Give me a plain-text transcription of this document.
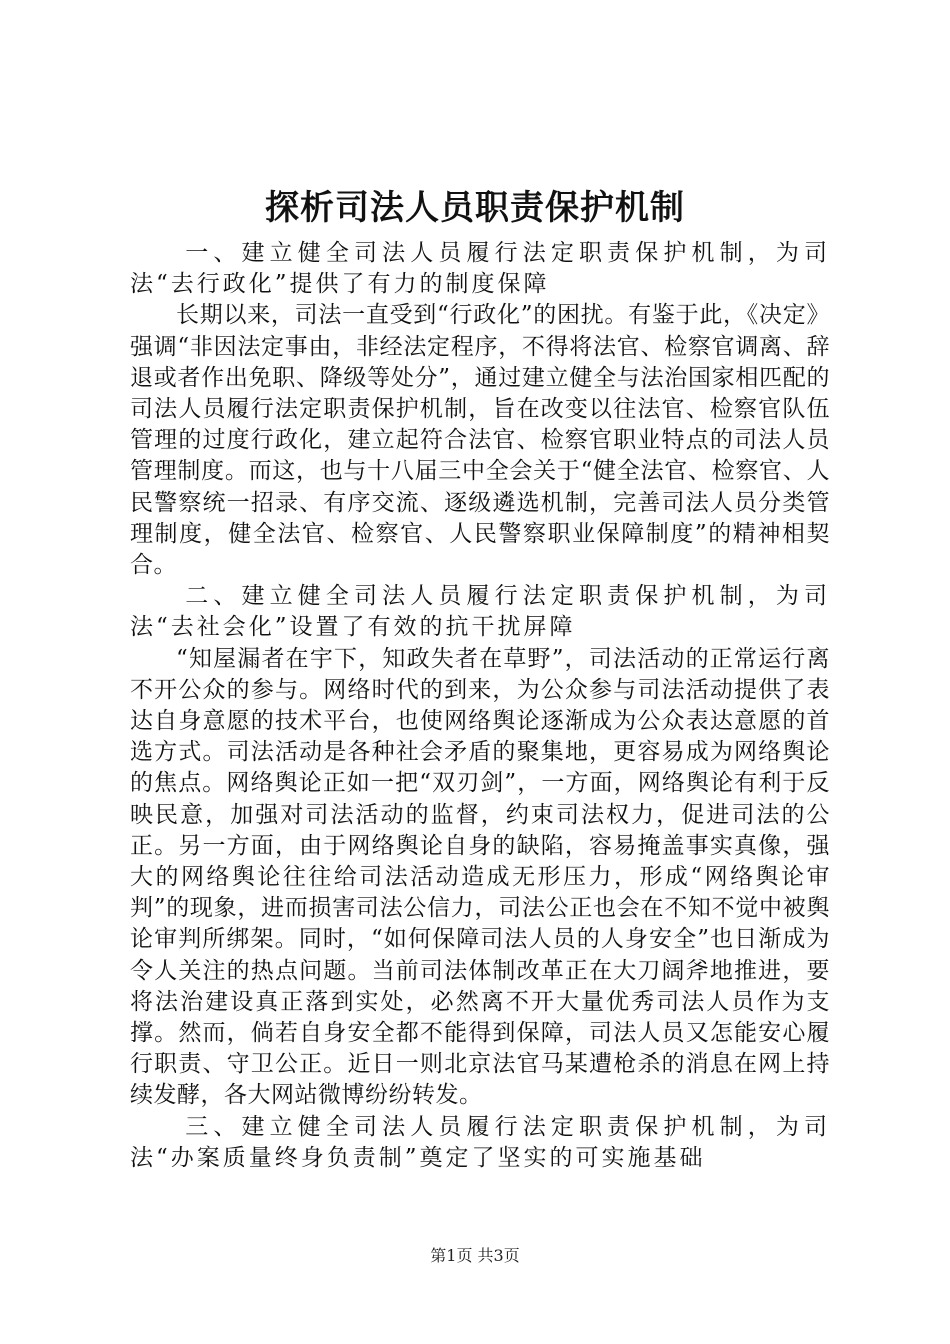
探析司法人员职责保护机制

一、建立健全司法人员履行法定职责保护机制，为司法“去行政化”提供了有力的制度保障

长期以来，司法一直受到“行政化”的困扰。有鉴于此，《决定》强调“非因法定事由，非经法定程序，不得将法官、检察官调离、辞退或者作出免职、降级等处分”，通过建立健全与法治国家相匹配的司法人员履行法定职责保护机制，旨在改变以往法官、检察官队伍管理的过度行政化，建立起符合法官、检察官职业特点的司法人员管理制度。而这，也与十八届三中全会关于“健全法官、检察官、人民警察统一招录、有序交流、逐级遴选机制，完善司法人员分类管理制度，健全法官、检察官、人民警察职业保障制度”的精神相契合。

二、建立健全司法人员履行法定职责保护机制，为司法“去社会化”设置了有效的抗干扰屏障

“知屋漏者在宇下，知政失者在草野”，司法活动的正常运行离不开公众的参与。网络时代的到来，为公众参与司法活动提供了表达自身意愿的技术平台，也使网络舆论逐渐成为公众表达意愿的首选方式。司法活动是各种社会矛盾的聚集地，更容易成为网络舆论的焦点。网络舆论正如一把“双刃剑”，一方面，网络舆论有利于反映民意，加强对司法活动的监督，约束司法权力，促进司法的公正。另一方面，由于网络舆论自身的缺陷，容易掩盖事实真像，强大的网络舆论往往给司法活动造成无形压力，形成“网络舆论审判”的现象，进而损害司法公信力，司法公正也会在不知不觉中被舆论审判所绑架。同时，“如何保障司法人员的人身安全”也日渐成为令人关注的热点问题。当前司法体制改革正在大刀阔斧地推进，要将法治建设真正落到实处，必然离不开大量优秀司法人员作为支撑。然而，倘若自身安全都不能得到保障，司法人员又怎能安心履行职责、守卫公正。近日一则北京法官马某遭枪杀的消息在网上持续发酵，各大网站微博纷纷转发。

三、建立健全司法人员履行法定职责保护机制，为司法“办案质量终身负责制”奠定了坚实的可实施基础

第1页 共3页
